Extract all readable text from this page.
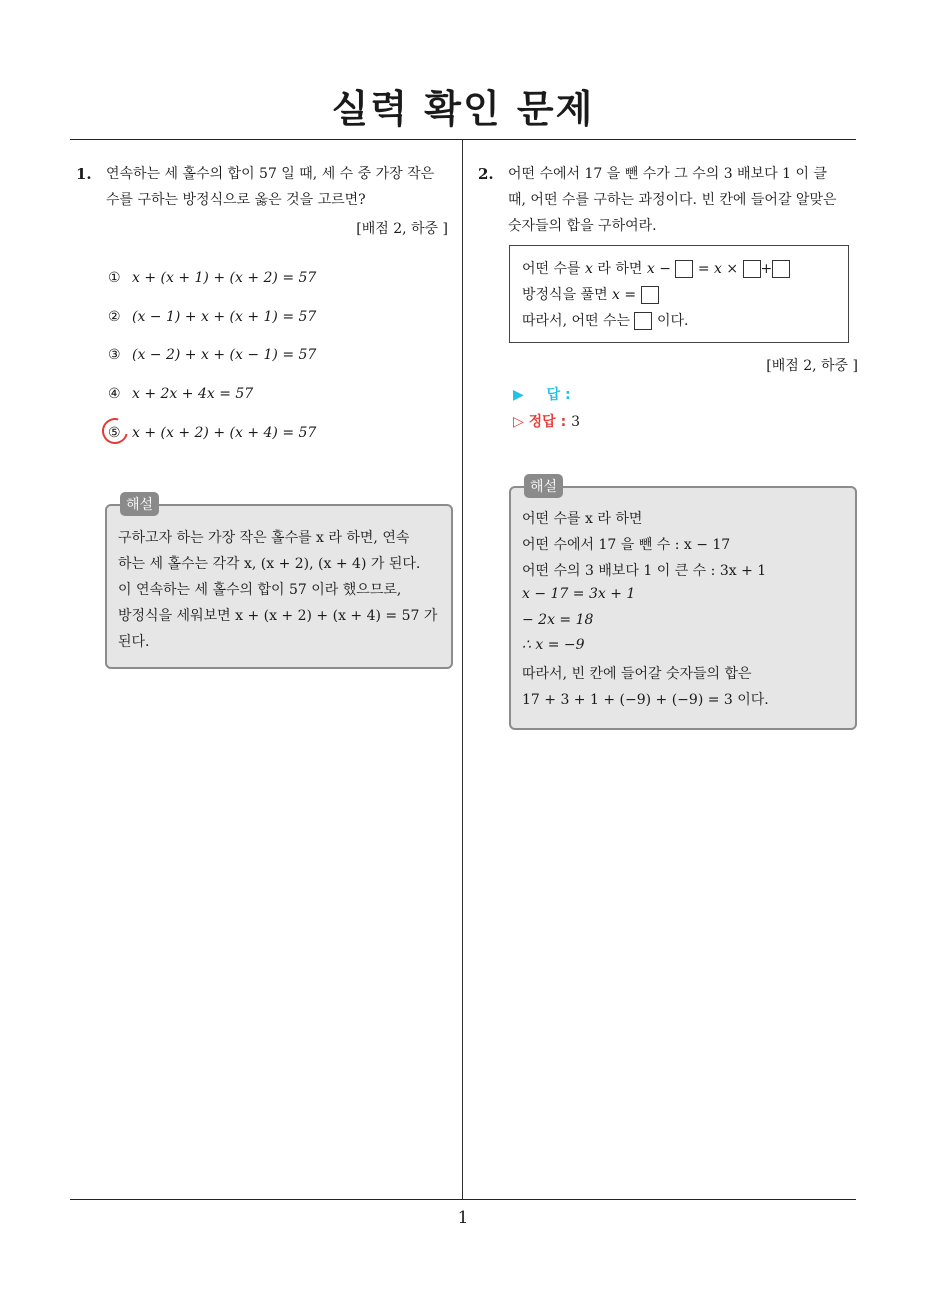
실력 확인 문제
1. 연속하는 세 홀수의 합이 57 일 때, 세 수 중 가장 작은
수를 구하는 방정식으로 옳은 것을 고르면?
[배점 2, 하중 ]
① x + (x + 1) + (x + 2) = 57
② (x − 1) + x + (x + 1) = 57
③ (x − 2) + x + (x − 1) = 57
④ x + 2x + 4x = 57
⑤ x + (x + 2) + (x + 4) = 57
해설
구하고자 하는 가장 작은 홀수를 x 라 하면, 연속
하는 세 홀수는 각각 x, (x + 2), (x + 4) 가 된다.
이 연속하는 세 홀수의 합이 57 이라 했으므로,
방정식을 세워보면 x + (x + 2) + (x + 4) = 57 가
된다.
2. 어떤 수에서 17 을 뺀 수가 그 수의 3 배보다 1 이 클
때, 어떤 수를 구하는 과정이다. 빈 칸에 들어갈 알맞은
숫자들의 합을 구하여라.
어떤 수를 x 라 하면 x − = x × +
방정식을 풀면 x =
따라서, 어떤 수는 이다.
[배점 2, 하중 ]
▶ 답 :
▷ 정답 : 3
해설
어떤 수를 x 라 하면
어떤 수에서 17 을 뺀 수 : x − 17
어떤 수의 3 배보다 1 이 큰 수 : 3x + 1
x − 17 = 3x + 1
− 2x = 18
∴ x = −9
따라서, 빈 칸에 들어갈 숫자들의 합은
17 + 3 + 1 + (−9) + (−9) = 3 이다.
1
